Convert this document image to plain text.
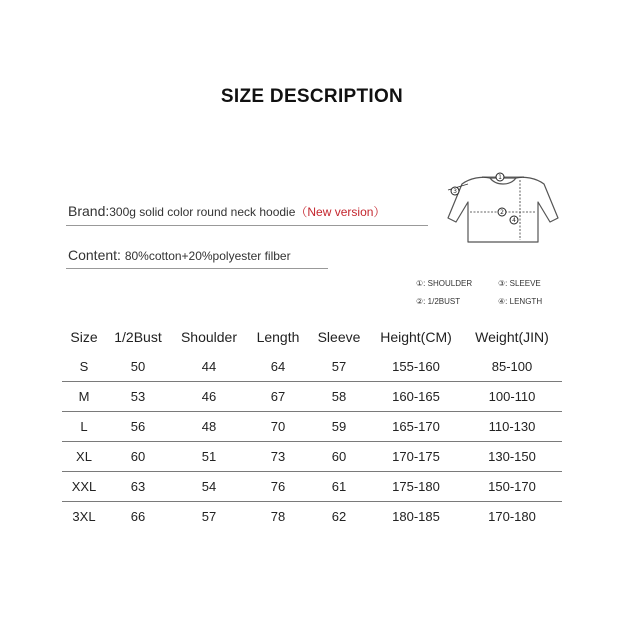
SIZE DESCRIPTION
Brand:300g solid color round neck hoodie（New version）
Content: 80%cotton+20%polyester filber
1
2
3
4
①: SHOULDER	③: SLEEVE
②: 1/2BUST	④: LENGTH
Size	1/2Bust	Shoulder	Length	Sleeve	Height(CM)	Weight(JIN)
S	50	44	64	57	155-160	85-100
M	53	46	67	58	160-165	100-110
L	56	48	70	59	165-170	110-130
XL	60	51	73	60	170-175	130-150
XXL	63	54	76	61	175-180	150-170
3XL	66	57	78	62	180-185	170-180
